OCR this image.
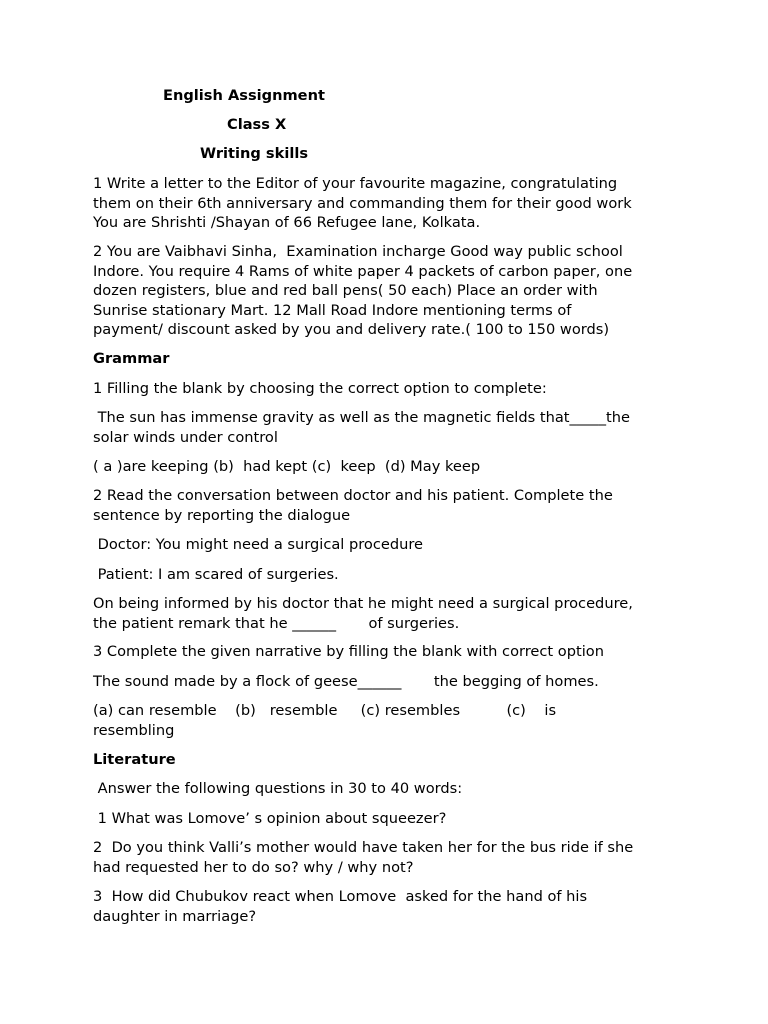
English Assignment

Class X

Writing skills

1 Write a letter to the Editor of your favourite magazine, congratulating
them on their 6th anniversary and commanding them for their good work
You are Shrishti /Shayan of 66 Refugee lane, Kolkata.
2 You are Vaibhavi Sinha,  Examination incharge Good way public school
Indore. You require 4 Rams of white paper 4 packets of carbon paper, one
dozen registers, blue and red ball pens( 50 each) Place an order with
Sunrise stationary Mart. 12 Mall Road Indore mentioning terms of
payment/ discount asked by you and delivery rate.( 100 to 150 words)

Grammar

1 Filling the blank by choosing the correct option to complete:

The sun has immense gravity as well as the magnetic fields that_____the
solar winds under control

( a )are keeping (b)  had kept (c)  keep  (d) May keep

2 Read the conversation between doctor and his patient. Complete the
sentence by reporting the dialogue

Doctor: You might need a surgical procedure

Patient: I am scared of surgeries.

On being informed by his doctor that he might need a surgical procedure,
the patient remark that he ______       of surgeries.

3 Complete the given narrative by filling the blank with correct option

The sound made by a flock of geese______       the begging of homes.

(a) can resemble    (b)   resemble     (c) resembles          (c)    is
resembling

Literature

Answer the following questions in 30 to 40 words:

1 What was Lomove’ s opinion about squeezer?

2  Do you think Valli’s mother would have taken her for the bus ride if she
had requested her to do so? why / why not?
3  How did Chubukov react when Lomove  asked for the hand of his
daughter in marriage?
